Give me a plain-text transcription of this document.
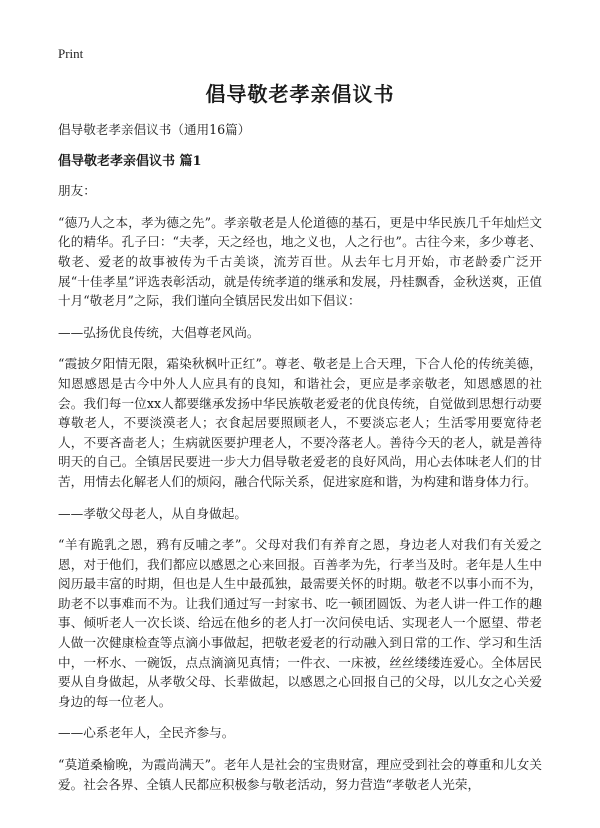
Print
倡导敬老孝亲倡议书

倡导敬老孝亲倡议书（通用16篇）

倡导敬老孝亲倡议书 篇1

朋友：

“德乃人之本，孝为德之先”。孝亲敬老是人伦道德的基石，更是中华民族几千年灿烂文化的精华。孔子曰：“夫孝，天之经也，地之义也，人之行也”。古往今来，多少尊老、敬老、爱老的故事被传为千古美谈，流芳百世。从去年七月开始，市老龄委广泛开展“十佳孝星”评选表彰活动，就是传统孝道的继承和发展，丹桂飘香，金秋送爽，正值十月“敬老月”之际，我们谨向全镇居民发出如下倡议：

——弘扬优良传统，大倡尊老风尚。

“霞披夕阳情无限，霜染秋枫叶正红”。尊老、敬老是上合天理，下合人伦的传统美德，知恩感恩是古今中外人人应具有的良知，和谐社会，更应是孝亲敬老，知恩感恩的社会。我们每一位xx人都要继承发扬中华民族敬老爱老的优良传统，自觉做到思想行动要尊敬老人，不要淡漠老人；衣食起居要照顾老人，不要淡忘老人；生活零用要宽待老人，不要吝啬老人；生病就医要护理老人，不要冷落老人。善待今天的老人，就是善待明天的自己。全镇居民要进一步大力倡导敬老爱老的良好风尚，用心去体味老人们的甘苦，用情去化解老人们的烦闷，融合代际关系，促进家庭和谐，为构建和谐身体力行。

——孝敬父母老人，从自身做起。

“羊有跪乳之恩，鸦有反哺之孝”。父母对我们有养育之恩，身边老人对我们有关爱之恩，对于他们，我们都应以感恩之心来回报。百善孝为先，行孝当及时。老年是人生中阅历最丰富的时期，但也是人生中最孤独，最需要关怀的时期。敬老不以事小而不为，助老不以事难而不为。让我们通过写一封家书、吃一顿团圆饭、为老人讲一件工作的趣事、倾听老人一次长谈、给远在他乡的老人打一次问侯电话、实现老人一个愿望、带老人做一次健康检查等点滴小事做起，把敬老爱老的行动融入到日常的工作、学习和生活中，一杯水、一碗饭，点点滴滴见真情；一件衣、一床被，丝丝缕缕连爱心。全体居民要从自身做起，从孝敬父母、长辈做起，以感恩之心回报自己的父母，以儿女之心关爱身边的每一位老人。

——心系老年人，全民齐参与。

“莫道桑榆晚，为霞尚满天”。老年人是社会的宝贵财富，理应受到社会的尊重和儿女关爱。社会各界、全镇人民都应积极参与敬老活动，努力营造“孝敬老人光荣，
